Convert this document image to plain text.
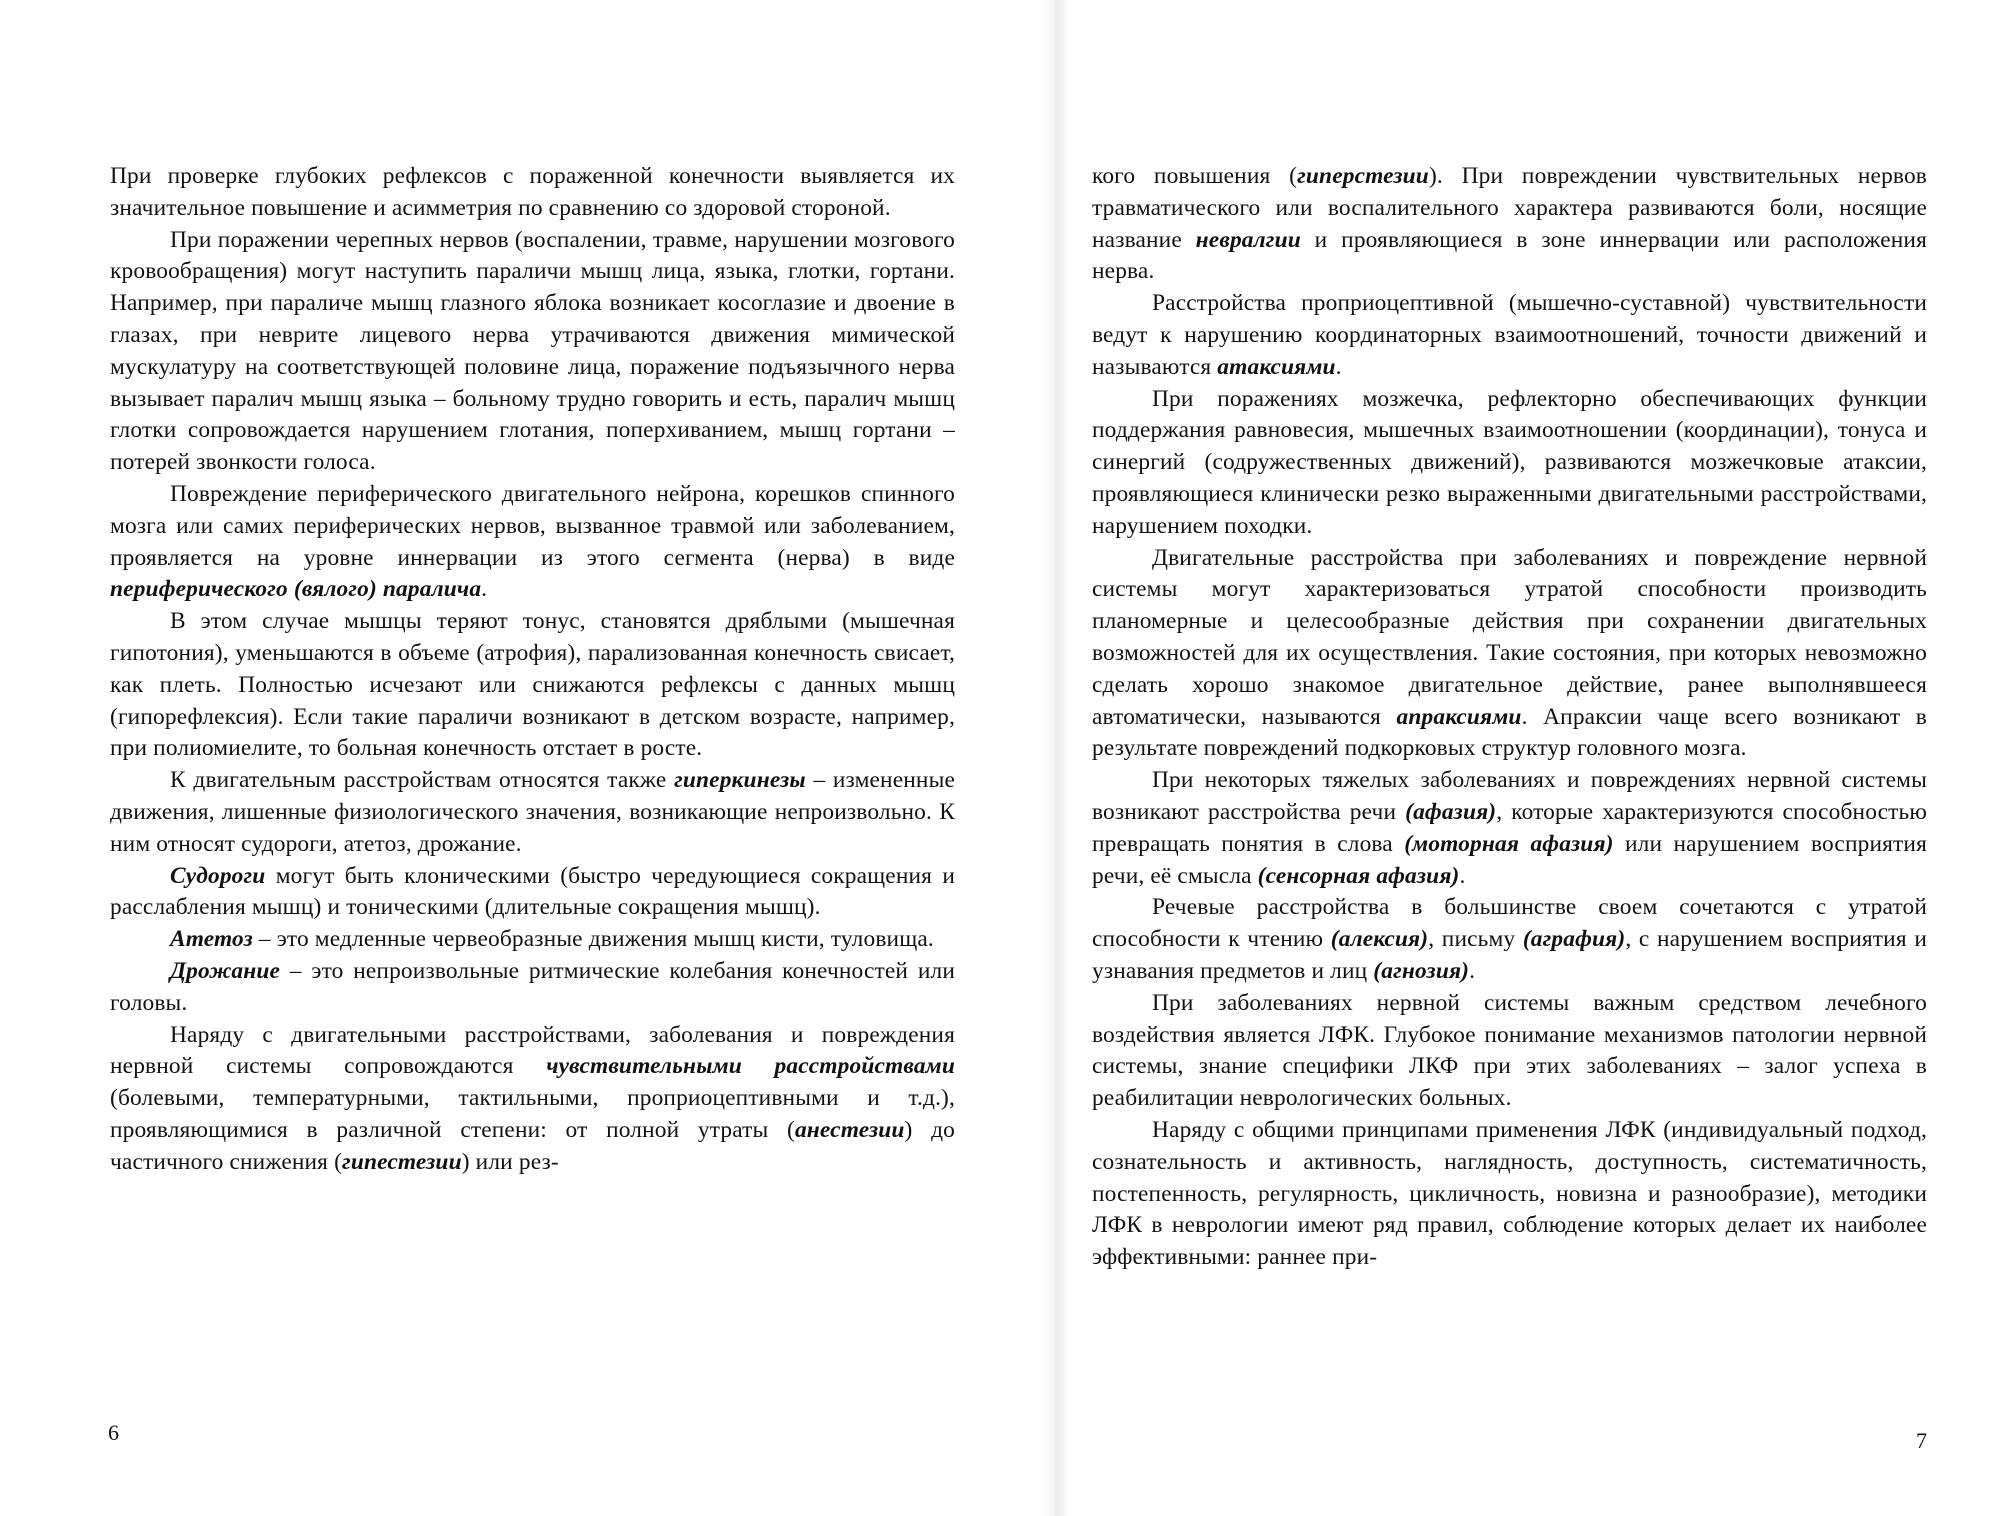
При проверке глубоких рефлексов с пораженной конечности выявляется их значительное повышение и асимметрия по сравнению со здоровой стороной.

При поражении черепных нервов (воспалении, травме, нарушении мозгового кровообращения) могут наступить параличи мышц лица, языка, глотки, гортани. Например, при параличе мышц глазного яблока возникает косоглазие и двоение в глазах, при неврите лицевого нерва утрачиваются движения мимической мускулатуру на соответствующей половине лица, поражение подъязычного нерва вызывает паралич мышц языка – больному трудно говорить и есть, паралич мышц глотки сопровождается нарушением глотания, поперхиванием, мышц гортани – потерей звонкости голоса.

Повреждение периферического двигательного нейрона, корешков спинного мозга или самих периферических нервов, вызванное травмой или заболеванием, проявляется на уровне иннервации из этого сегмента (нерва) в виде периферического (вялого) паралича.

В этом случае мышцы теряют тонус, становятся дряблыми (мышечная гипотония), уменьшаются в объеме (атрофия), парализованная конечность свисает, как плеть. Полностью исчезают или снижаются рефлексы с данных мышц (гипорефлексия). Если такие параличи возникают в детском возрасте, например, при полиомиелите, то больная конечность отстает в росте.

К двигательным расстройствам относятся также гиперкинезы – измененные движения, лишенные физиологического значения, возникающие непроизвольно. К ним относят судороги, атетоз, дрожание.

Судороги могут быть клоническими (быстро чередующиеся сокращения и расслабления мышц) и тоническими (длительные сокращения мышц).

Атетоз – это медленные червеобразные движения мышц кисти, туловища.

Дрожание – это непроизвольные ритмические колебания конечностей или головы.

Наряду с двигательными расстройствами, заболевания и повреждения нервной системы сопровождаются чувствительными расстройствами (болевыми, температурными, тактильными, проприоцептивными и т.д.), проявляющимися в различной степени: от полной утраты (анестезии) до частичного снижения (гипестезии) или рез-

6

кого повышения (гиперстезии). При повреждении чувствительных нервов травматического или воспалительного характера развиваются боли, носящие название невралгии и проявляющиеся в зоне иннервации или расположения нерва.

Расстройства проприоцептивной (мышечно-суставной) чувствительности ведут к нарушению координаторных взаимоотношений, точности движений и называются атаксиями.

При поражениях мозжечка, рефлекторно обеспечивающих функции поддержания равновесия, мышечных взаимоотношении (координации), тонуса и синергий (содружественных движений), развиваются мозжечковые атаксии, проявляющиеся клинически резко выраженными двигательными расстройствами, нарушением походки.

Двигательные расстройства при заболеваниях и повреждение нервной системы могут характеризоваться утратой способности производить планомерные и целесообразные действия при сохранении двигательных возможностей для их осуществления. Такие состояния, при которых невозможно сделать хорошо знакомое двигательное действие, ранее выполнявшееся автоматически, называются апраксиями. Апраксии чаще всего возникают в результате повреждений подкорковых структур головного мозга.

При некоторых тяжелых заболеваниях и повреждениях нервной системы возникают расстройства речи (афазия), которые характеризуются способностью превращать понятия в слова (моторная афазия) или нарушением восприятия речи, её смысла (сенсорная афазия).

Речевые расстройства в большинстве своем сочетаются с утратой способности к чтению (алексия), письму (аграфия), с нарушением восприятия и узнавания предметов и лиц (агнозия).

При заболеваниях нервной системы важным средством лечебного воздействия является ЛФК. Глубокое понимание механизмов патологии нервной системы, знание специфики ЛКФ при этих заболеваниях – залог успеха в реабилитации неврологических больных.

Наряду с общими принципами применения ЛФК (индивидуальный подход, сознательность и активность, наглядность, доступность, систематичность, постепенность, регулярность, цикличность, новизна и разнообразие), методики ЛФК в неврологии имеют ряд правил, соблюдение которых делает их наиболее эффективными: раннее при-

7
